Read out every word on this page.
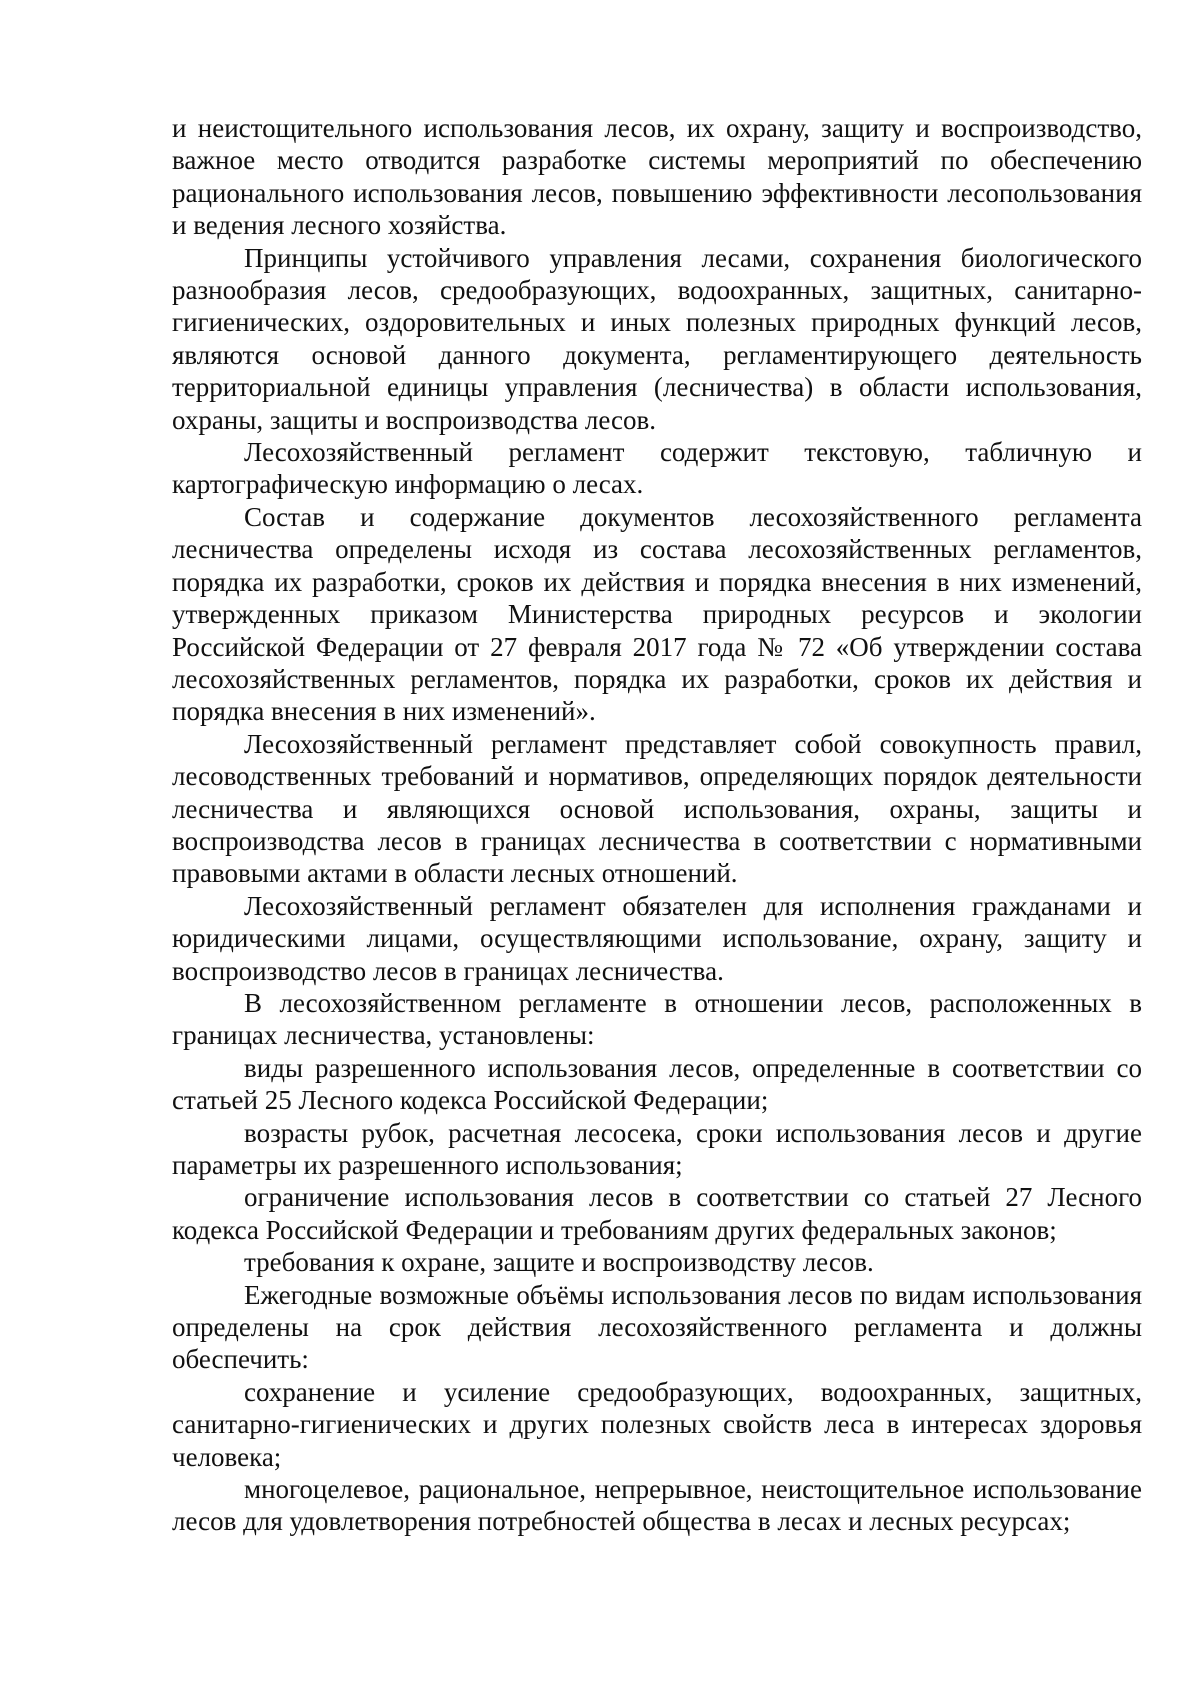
и неистощительного использования лесов, их охрану, защиту и воспроизводство, важное место отводится разработке системы мероприятий по обеспечению рационального использования лесов, повышению эффективности лесопользования и ведения лесного хозяйства.

Принципы устойчивого управления лесами, сохранения биологического разнообразия лесов, средообразующих, водоохранных, защитных, санитарно-гигиенических, оздоровительных и иных полезных природных функций лесов, являются основой данного документа, регламентирующего деятельность территориальной единицы управления (лесничества) в области использования, охраны, защиты и воспроизводства лесов.

Лесохозяйственный регламент содержит текстовую, табличную и картографическую информацию о лесах.

Состав и содержание документов лесохозяйственного регламента лесничества определены исходя из состава лесохозяйственных регламентов, порядка их разработки, сроков их действия и порядка внесения в них изменений, утвержденных приказом Министерства природных ресурсов и экологии Российской Федерации от 27 февраля 2017 года № 72 «Об утверждении состава лесохозяйственных регламентов, порядка их разработки, сроков их действия и порядка внесения в них изменений».

Лесохозяйственный регламент представляет собой совокупность правил, лесоводственных требований и нормативов, определяющих порядок деятельности лесничества и являющихся основой использования, охраны, защиты и воспроизводства лесов в границах лесничества в соответствии с нормативными правовыми актами в области лесных отношений.

Лесохозяйственный регламент обязателен для исполнения гражданами и юридическими лицами, осуществляющими использование, охрану, защиту и воспроизводство лесов в границах лесничества.

В лесохозяйственном регламенте в отношении лесов, расположенных в границах лесничества, установлены:

виды разрешенного использования лесов, определенные в соответствии со статьей 25 Лесного кодекса Российской Федерации;

возрасты рубок, расчетная лесосека, сроки использования лесов и другие параметры их разрешенного использования;

ограничение использования лесов в соответствии со статьей 27 Лесного кодекса Российской Федерации и требованиям других федеральных законов;

требования к охране, защите и воспроизводству лесов.

Ежегодные возможные объёмы использования лесов по видам использования определены на срок действия лесохозяйственного регламента и должны обеспечить:

сохранение и усиление средообразующих, водоохранных, защитных, санитарно-гигиенических и других полезных свойств леса в интересах здоровья человека;

многоцелевое, рациональное, непрерывное, неистощительное использование лесов для удовлетворения потребностей общества в лесах и лесных ресурсах;
